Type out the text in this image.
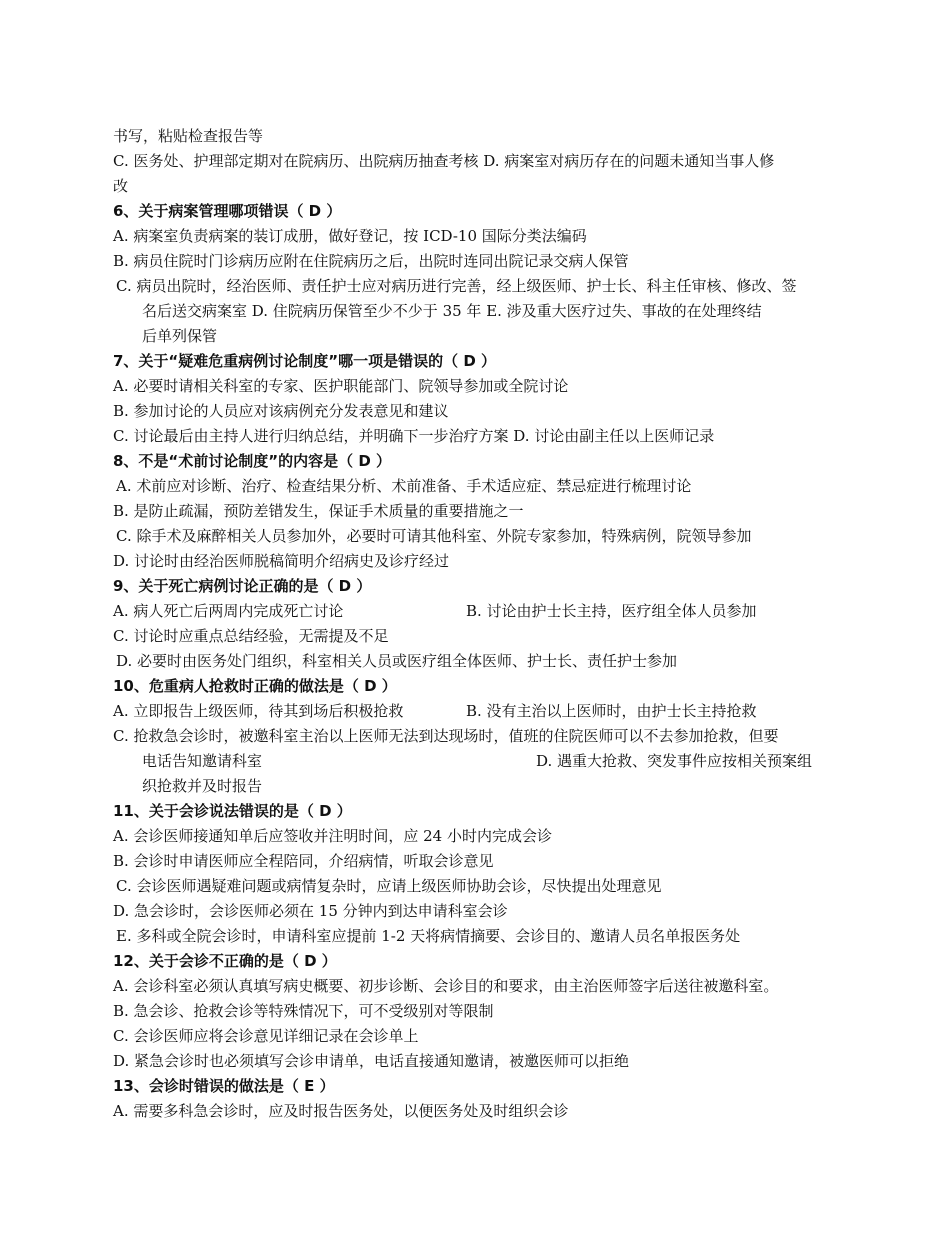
书写，粘贴检查报告等
C. 医务处、护理部定期对在院病历、出院病历抽查考核 D. 病案室对病历存在的问题未通知当事人修
改
6、关于病案管理哪项错误（ D ）
A. 病案室负责病案的装订成册，做好登记，按 ICD-10 国际分类法编码
B. 病员住院时门诊病历应附在住院病历之后，出院时连同出院记录交病人保管
C. 病员出院时，经治医师、责任护士应对病历进行完善，经上级医师、护士长、科主任审核、修改、签
名后送交病案室 D. 住院病历保管至少不少于 35 年 E. 涉及重大医疗过失、事故的在处理终结
后单列保管
7、关于“疑难危重病例讨论制度”哪一项是错误的（ D ）
A. 必要时请相关科室的专家、医护职能部门、院领导参加或全院讨论
B. 参加讨论的人员应对该病例充分发表意见和建议
C. 讨论最后由主持人进行归纳总结，并明确下一步治疗方案 D. 讨论由副主任以上医师记录
8、不是“术前讨论制度”的内容是（ D ）
A. 术前应对诊断、治疗、检查结果分析、术前准备、手术适应症、禁忌症进行梳理讨论
B. 是防止疏漏，预防差错发生，保证手术质量的重要措施之一
C. 除手术及麻醉相关人员参加外，必要时可请其他科室、外院专家参加，特殊病例，院领导参加
D. 讨论时由经治医师脱稿简明介绍病史及诊疗经过
9、关于死亡病例讨论正确的是（ D ）
A. 病人死亡后两周内完成死亡讨论	B. 讨论由护士长主持，医疗组全体人员参加
C. 讨论时应重点总结经验，无需提及不足
D. 必要时由医务处门组织，科室相关人员或医疗组全体医师、护士长、责任护士参加
10、危重病人抢救时正确的做法是（ D ）
A. 立即报告上级医师，待其到场后积极抢救	B. 没有主治以上医师时，由护士长主持抢救
C. 抢救急会诊时，被邀科室主治以上医师无法到达现场时，值班的住院医师可以不去参加抢救，但要
电话告知邀请科室	D. 遇重大抢救、突发事件应按相关预案组
织抢救并及时报告
11、关于会诊说法错误的是（ D ）
A. 会诊医师接通知单后应签收并注明时间，应 24 小时内完成会诊
B. 会诊时申请医师应全程陪同，介绍病情，听取会诊意见
C. 会诊医师遇疑难问题或病情复杂时，应请上级医师协助会诊，尽快提出处理意见
D. 急会诊时，会诊医师必须在 15 分钟内到达申请科室会诊
E. 多科或全院会诊时，申请科室应提前 1-2 天将病情摘要、会诊目的、邀请人员名单报医务处
12、关于会诊不正确的是（ D ）
A. 会诊科室必须认真填写病史概要、初步诊断、会诊目的和要求，由主治医师签字后送往被邀科室。
B. 急会诊、抢救会诊等特殊情况下，可不受级别对等限制
C. 会诊医师应将会诊意见详细记录在会诊单上
D. 紧急会诊时也必须填写会诊申请单，电话直接通知邀请，被邀医师可以拒绝
13、会诊时错误的做法是（ E ）
A. 需要多科急会诊时，应及时报告医务处，以便医务处及时组织会诊
